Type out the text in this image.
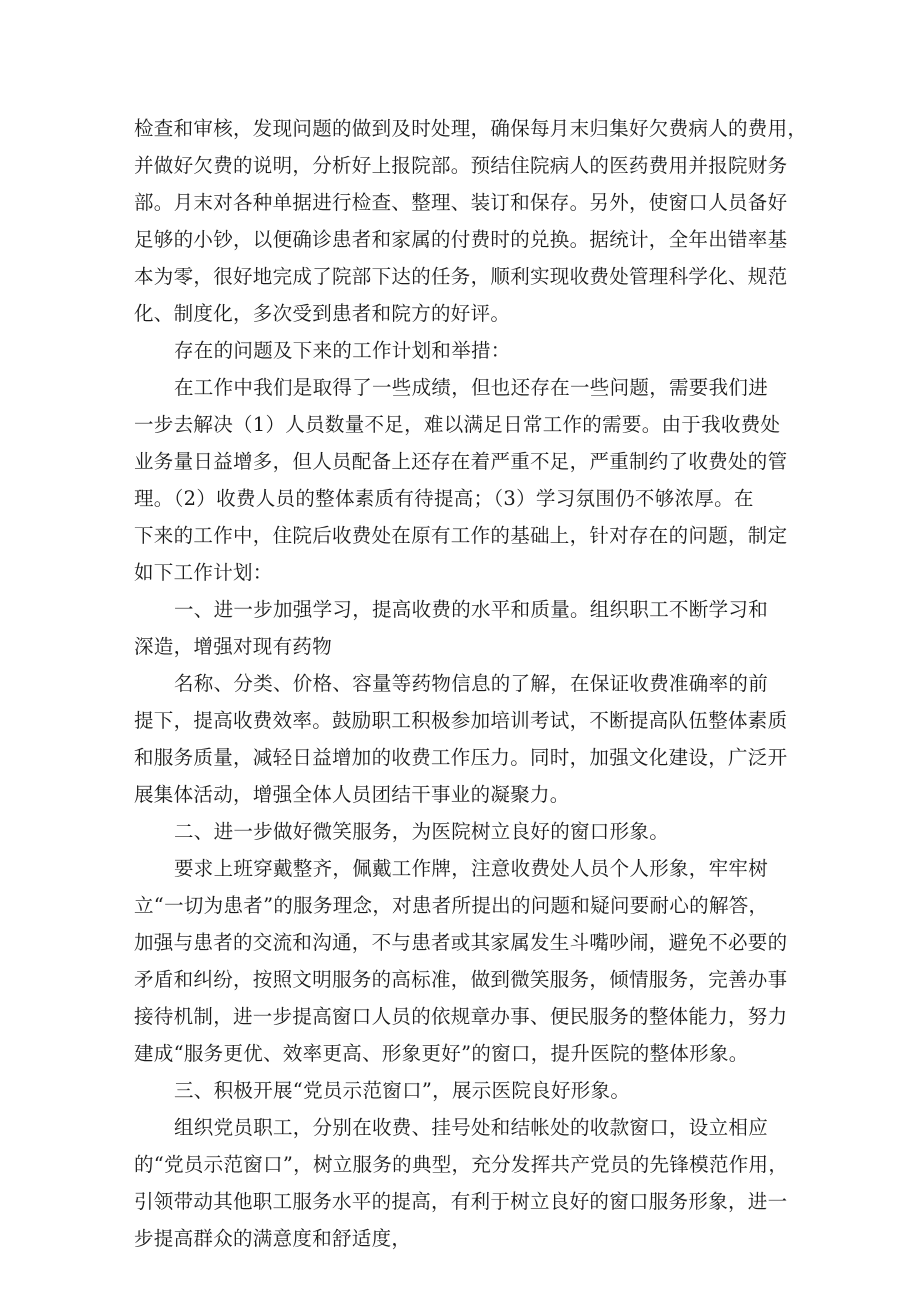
检查和审核，发现问题的做到及时处理，确保每月末归集好欠费病人的费用，
并做好欠费的说明，分析好上报院部。预结住院病人的医药费用并报院财务
部。月末对各种单据进行检查、整理、装订和保存。另外，使窗口人员备好
足够的小钞，以便确诊患者和家属的付费时的兑换。据统计，全年出错率基
本为零，很好地完成了院部下达的任务，顺利实现收费处管理科学化、规范
化、制度化，多次受到患者和院方的好评。
存在的问题及下来的工作计划和举措：
在工作中我们是取得了一些成绩，但也还存在一些问题，需要我们进
一步去解决（1）人员数量不足，难以满足日常工作的需要。由于我收费处
业务量日益增多，但人员配备上还存在着严重不足，严重制约了收费处的管
理。（2）收费人员的整体素质有待提高；（3）学习氛围仍不够浓厚。在
下来的工作中，住院后收费处在原有工作的基础上，针对存在的问题，制定
如下工作计划：
一、进一步加强学习，提高收费的水平和质量。组织职工不断学习和
深造，增强对现有药物
名称、分类、价格、容量等药物信息的了解，在保证收费准确率的前
提下，提高收费效率。鼓励职工积极参加培训考试，不断提高队伍整体素质
和服务质量，减轻日益增加的收费工作压力。同时，加强文化建设，广泛开
展集体活动，增强全体人员团结干事业的凝聚力。
二、进一步做好微笑服务，为医院树立良好的窗口形象。
要求上班穿戴整齐，佩戴工作牌，注意收费处人员个人形象，牢牢树
立“一切为患者”的服务理念，对患者所提出的问题和疑问要耐心的解答，
加强与患者的交流和沟通，不与患者或其家属发生斗嘴吵闹，避免不必要的
矛盾和纠纷，按照文明服务的高标准，做到微笑服务，倾情服务，完善办事
接待机制，进一步提高窗口人员的依规章办事、便民服务的整体能力，努力
建成“服务更优、效率更高、形象更好”的窗口，提升医院的整体形象。
三、积极开展“党员示范窗口”，展示医院良好形象。
组织党员职工，分别在收费、挂号处和结帐处的收款窗口，设立相应
的“党员示范窗口”，树立服务的典型，充分发挥共产党员的先锋模范作用，
引领带动其他职工服务水平的提高，有利于树立良好的窗口服务形象，进一
步提高群众的满意度和舒适度，
